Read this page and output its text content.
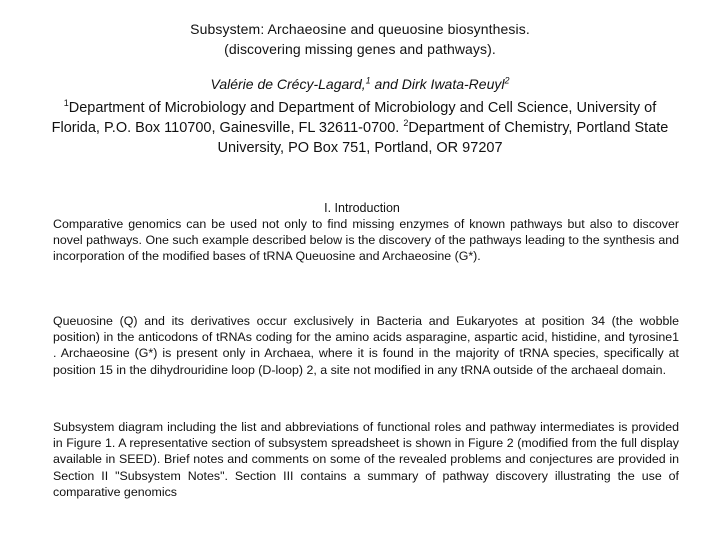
Subsystem: Archaeosine and queuosine biosynthesis.
(discovering missing genes and pathways).
Valérie de Crécy-Lagard,$^1$ and Dirk Iwata-Reuyl$^2$
$^1$Department of Microbiology and Department of Microbiology and Cell Science, University of Florida, P.O. Box 110700, Gainesville, FL 32611-0700. $^2$Department of Chemistry, Portland State University, PO Box 751, Portland, OR 97207
I. Introduction
Comparative genomics can be used not only to find missing enzymes of known pathways but also to discover novel pathways. One such example described below is the discovery of the pathways leading to the synthesis and incorporation of the modified bases of tRNA Queuosine and Archaeosine (G*).
Queuosine (Q) and its derivatives occur exclusively in Bacteria and Eukaryotes at position 34 (the wobble position) in the anticodons of tRNAs coding for the amino acids asparagine, aspartic acid, histidine, and tyrosine1 . Archaeosine (G*) is present only in Archaea, where it is found in the majority of tRNA species, specifically at position 15 in the dihydrouridine loop (D-loop) 2, a site not modified in any tRNA outside of the archaeal domain.
Subsystem diagram including the list and abbreviations of functional roles and pathway intermediates is provided in Figure 1. A representative section of subsystem spreadsheet is shown in Figure 2 (modified from the full display available in SEED). Brief notes and comments on some of the revealed problems and conjectures are provided in Section II "Subsystem Notes". Section III contains a summary of pathway discovery illustrating the use of comparative genomics
